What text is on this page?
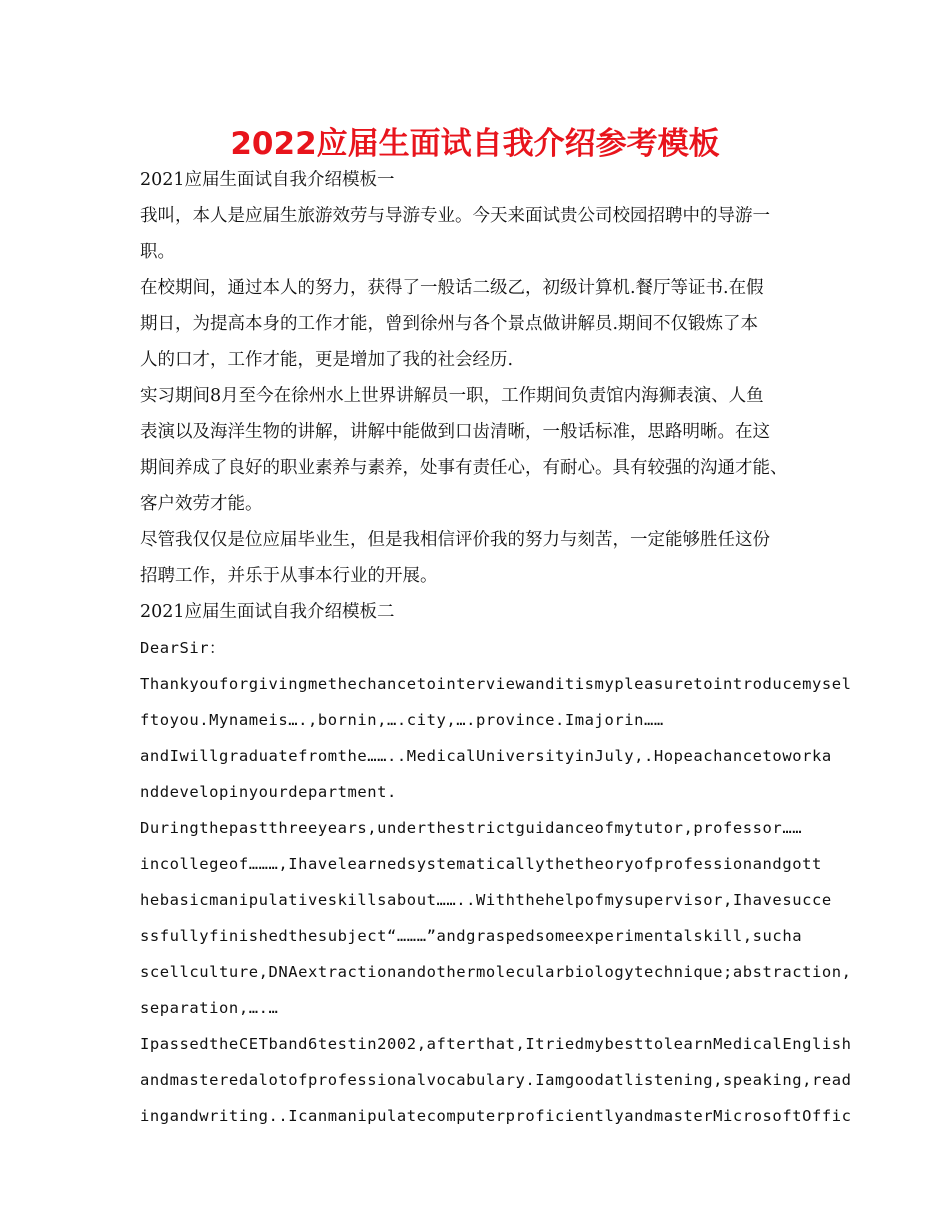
2022应届生面试自我介绍参考模板
2021应届生面试自我介绍模板一
我叫，本人是应届生旅游效劳与导游专业。今天来面试贵公司校园招聘中的导游一
职。
在校期间，通过本人的努力，获得了一般话二级乙，初级计算机.餐厅等证书.在假
期日，为提高本身的工作才能，曾到徐州与各个景点做讲解员.期间不仅锻炼了本
人的口才，工作才能，更是增加了我的社会经历.
实习期间8月至今在徐州水上世界讲解员一职，工作期间负责馆内海狮表演、人鱼
表演以及海洋生物的讲解，讲解中能做到口齿清晰，一般话标准，思路明晰。在这
期间养成了良好的职业素养与素养，处事有责任心，有耐心。具有较强的沟通才能、
客户效劳才能。
尽管我仅仅是位应届毕业生，但是我相信评价我的努力与刻苦，一定能够胜任这份
招聘工作，并乐于从事本行业的开展。
2021应届生面试自我介绍模板二
DearSir：
Thankyouforgivingmethechancetointerviewanditismypleasuretointroducemysel
ftoyou.Mynameis….,bornin,….city,….province.Imajorin……
andIwillgraduatefromthe……..MedicalUniversityinJuly,.Hopeachancetoworka
nddevelopinyourdepartment.
Duringthepastthreeyears,underthestrictguidanceofmytutor,professor……
incollegeof………,Ihavelearnedsystematicallythetheoryofprofessionandgott
hebasicmanipulativeskillsabout……..Withthehelpofmysupervisor,Ihavesucce
ssfullyfinishedthesubject“………”andgraspedsomeexperimentalskill,sucha
scellculture,DNAextractionandothermolecularbiologytechnique;abstraction,
separation,….…
IpassedtheCETband6testin2002,afterthat,ItriedmybesttolearnMedicalEnglish
andmasteredalotofprofessionalvocabulary.Iamgoodatlistening,speaking,read
ingandwriting..IcanmanipulatecomputerproficientlyandmasterMicrosoftOffic
